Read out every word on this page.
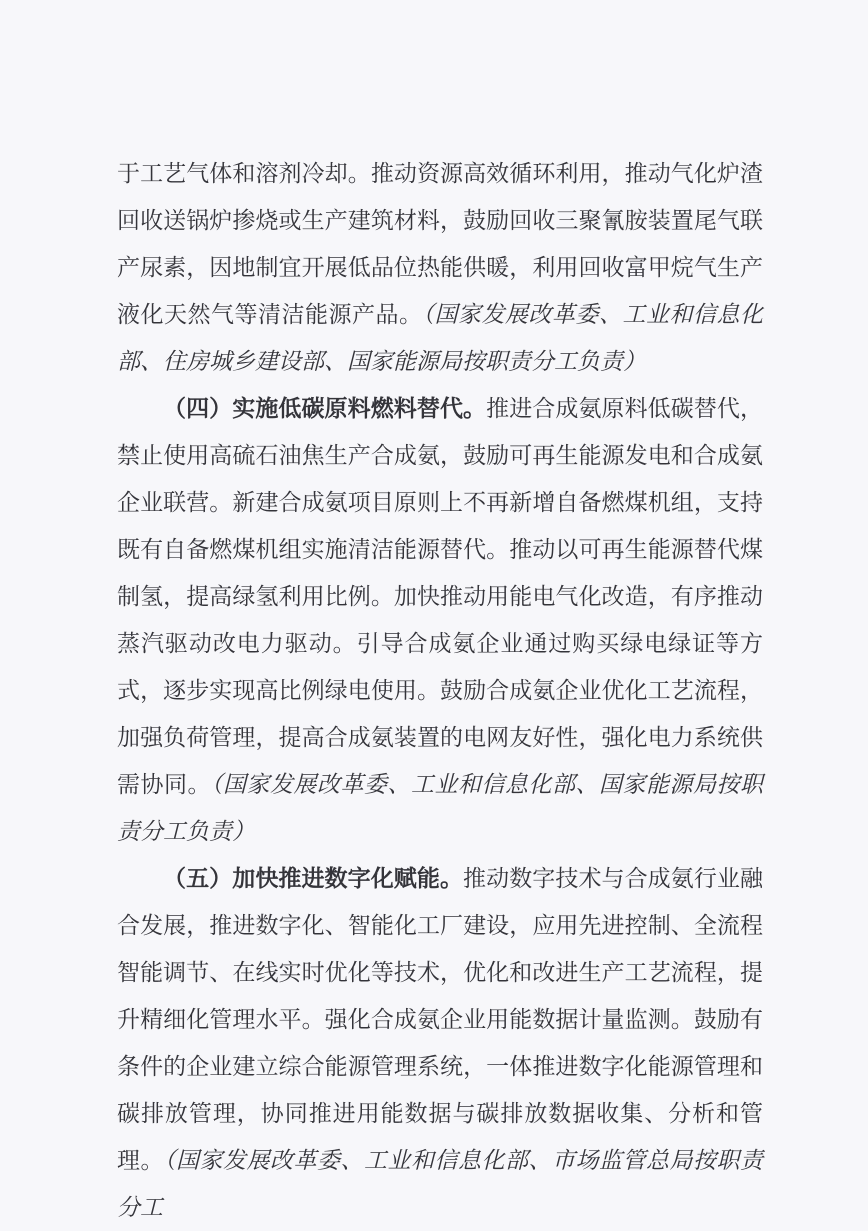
于工艺气体和溶剂冷却。推动资源高效循环利用，推动气化炉渣回收送锅炉掺烧或生产建筑材料，鼓励回收三聚氰胺装置尾气联产尿素，因地制宜开展低品位热能供暖，利用回收富甲烷气生产液化天然气等清洁能源产品。（国家发展改革委、工业和信息化部、住房城乡建设部、国家能源局按职责分工负责）

（四）实施低碳原料燃料替代。推进合成氨原料低碳替代，禁止使用高硫石油焦生产合成氨，鼓励可再生能源发电和合成氨企业联营。新建合成氨项目原则上不再新增自备燃煤机组，支持既有自备燃煤机组实施清洁能源替代。推动以可再生能源替代煤制氢，提高绿氢利用比例。加快推动用能电气化改造，有序推动蒸汽驱动改电力驱动。引导合成氨企业通过购买绿电绿证等方式，逐步实现高比例绿电使用。鼓励合成氨企业优化工艺流程，加强负荷管理，提高合成氨装置的电网友好性，强化电力系统供需协同。（国家发展改革委、工业和信息化部、国家能源局按职责分工负责）

（五）加快推进数字化赋能。推动数字技术与合成氨行业融合发展，推进数字化、智能化工厂建设，应用先进控制、全流程智能调节、在线实时优化等技术，优化和改进生产工艺流程，提升精细化管理水平。强化合成氨企业用能数据计量监测。鼓励有条件的企业建立综合能源管理系统，一体推进数字化能源管理和碳排放管理，协同推进用能数据与碳排放数据收集、分析和管理。（国家发展改革委、工业和信息化部、市场监管总局按职责分工
